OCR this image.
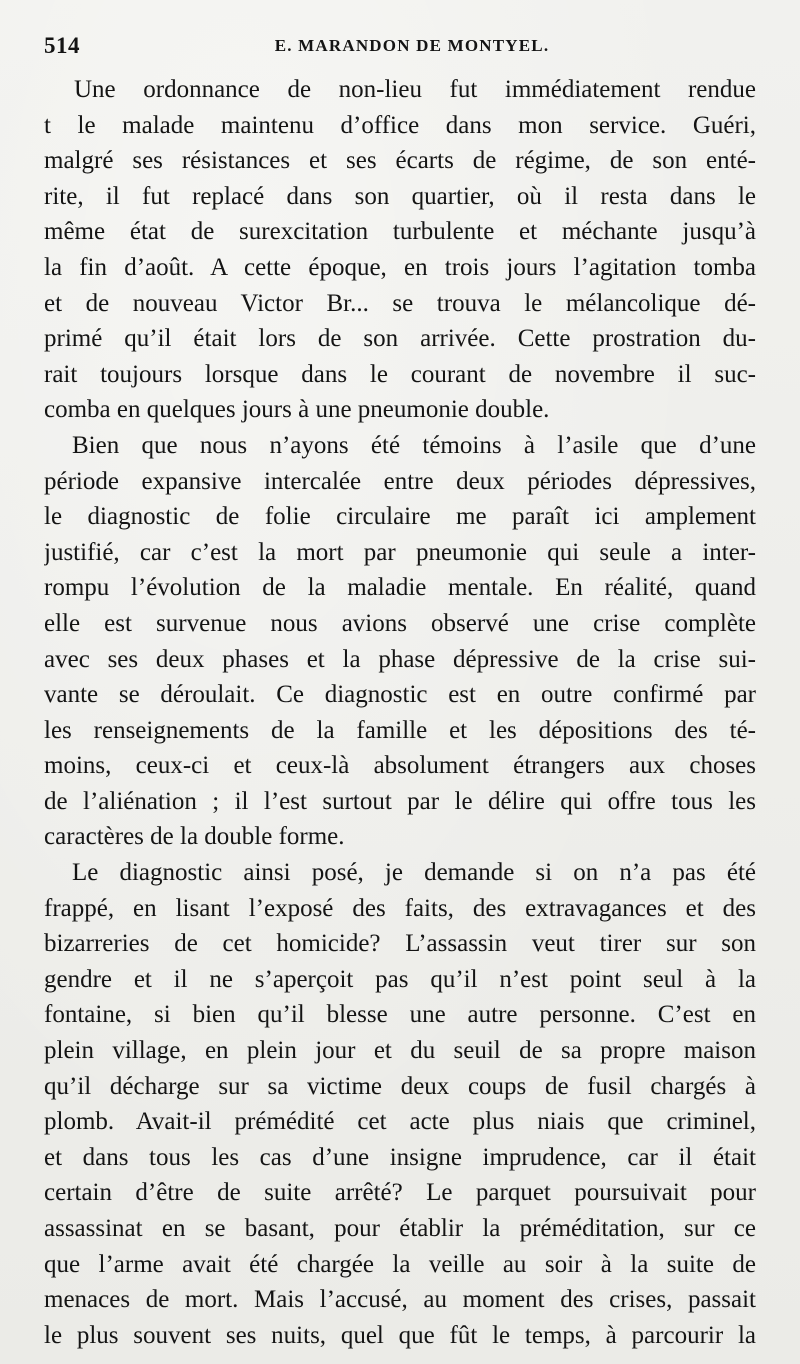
514	E. MARANDON DE MONTYEL.
Une ordonnance de non-lieu fut immédiatement rendue
t le malade maintenu d’office dans mon service. Guéri,
malgré ses résistances et ses écarts de régime, de son enté-
rite, il fut replacé dans son quartier, où il resta dans le
même état de surexcitation turbulente et méchante jusqu’à
la fin d’août. A cette époque, en trois jours l’agitation tomba
et de nouveau Victor Br... se trouva le mélancolique dé-
primé qu’il était lors de son arrivée. Cette prostration du-
rait toujours lorsque dans le courant de novembre il suc-
comba en quelques jours à une pneumonie double.
Bien que nous n’ayons été témoins à l’asile que d’une
période expansive intercalée entre deux périodes dépressives,
le diagnostic de folie circulaire me paraît ici amplement
justifié, car c’est la mort par pneumonie qui seule a inter-
rompu l’évolution de la maladie mentale. En réalité, quand
elle est survenue nous avions observé une crise complète
avec ses deux phases et la phase dépressive de la crise sui-
vante se déroulait. Ce diagnostic est en outre confirmé par
les renseignements de la famille et les dépositions des té-
moins, ceux-ci et ceux-là absolument étrangers aux choses
de l’aliénation ; il l’est surtout par le délire qui offre tous les
caractères de la double forme.
Le diagnostic ainsi posé, je demande si on n’a pas été
frappé, en lisant l’exposé des faits, des extravagances et des
bizarreries de cet homicide? L’assassin veut tirer sur son
gendre et il ne s’aperçoit pas qu’il n’est point seul à la
fontaine, si bien qu’il blesse une autre personne. C’est en
plein village, en plein jour et du seuil de sa propre maison
qu’il décharge sur sa victime deux coups de fusil chargés à
plomb. Avait-il prémédité cet acte plus niais que criminel,
et dans tous les cas d’une insigne imprudence, car il était
certain d’être de suite arrêté? Le parquet poursuivait pour
assassinat en se basant, pour établir la préméditation, sur ce
que l’arme avait été chargée la veille au soir à la suite de
menaces de mort. Mais l’accusé, au moment des crises, passait
le plus souvent ses nuits, quel que fût le temps, à parcourir la
